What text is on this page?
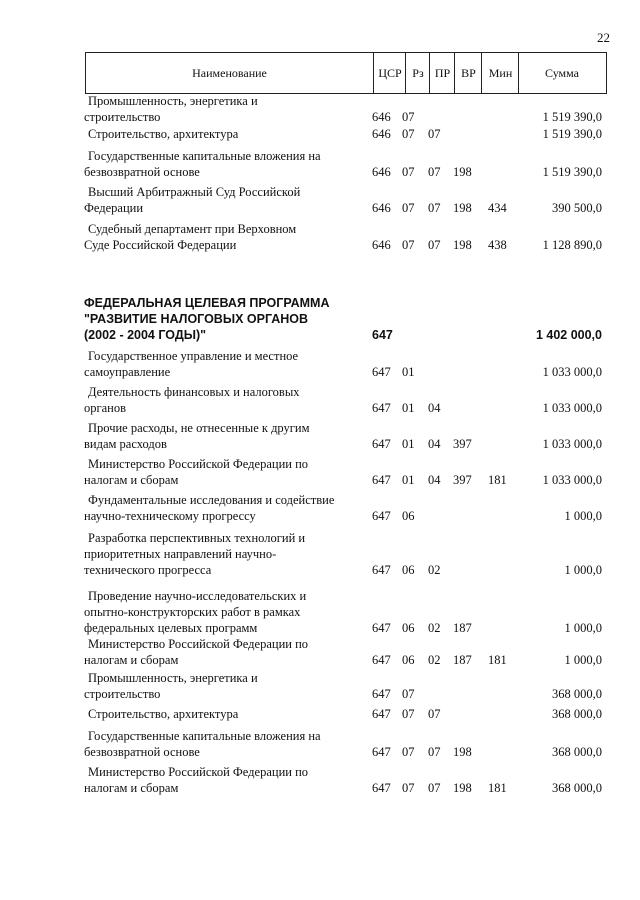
22
Наименование	ЦСР Рз ПР ВР	Мин	Сумма
Промышленность, энергетика и
строительство	646 07	1 519 390,0
Строительство, архитектура	646 07	07	1 519 390,0
Государственные капитальные вложения на
безвозвратной основе	646 07	07	198	1 519 390,0
Высший Арбитражный Суд Российской
Федерации	646 07	07	198	434	390 500,0
Судебный департамент при Верховном
Суде Российской Федерации	646 07	07	198	438	1 128 890,0
ФЕДЕРАЛЬНАЯ ЦЕЛЕВАЯ ПРОГРАММА
"РАЗВИТИЕ НАЛОГОВЫХ ОРГАНОВ
(2002 - 2004 ГОДЫ)"	647	1 402 000,0
Государственное управление и местное
самоуправление	647 01	1 033 000,0
Деятельность финансовых и налоговых
органов	647 01	04	1 033 000,0
Прочие расходы, не отнесенные к другим
видам расходов	647 01	04	397	1 033 000,0
Министерство Российской Федерации по
налогам и сборам	647 01	04	397	181	1 033 000,0
Фундаментальные исследования и содействие
научно-техническому прогрессу	647 06	1 000,0
Разработка перспективных технологий и
приоритетных направлений научно-
технического прогресса	647 06	02	1 000,0
Проведение научно-исследовательских и
опытно-конструкторских работ в рамках
федеральных целевых программ	647 06	02	187	1 000,0
Министерство Российской Федерации по
налогам и сборам	647 06	02	187	181	1 000,0
Промышленность, энергетика и
строительство	647 07	368 000,0
Строительство, архитектура	647 07	07	368 000,0
Государственные капитальные вложения на
безвозвратной основе	647 07	07	198	368 000,0
Министерство Российской Федерации по
налогам и сборам	647 07	07	198	181	368 000,0
